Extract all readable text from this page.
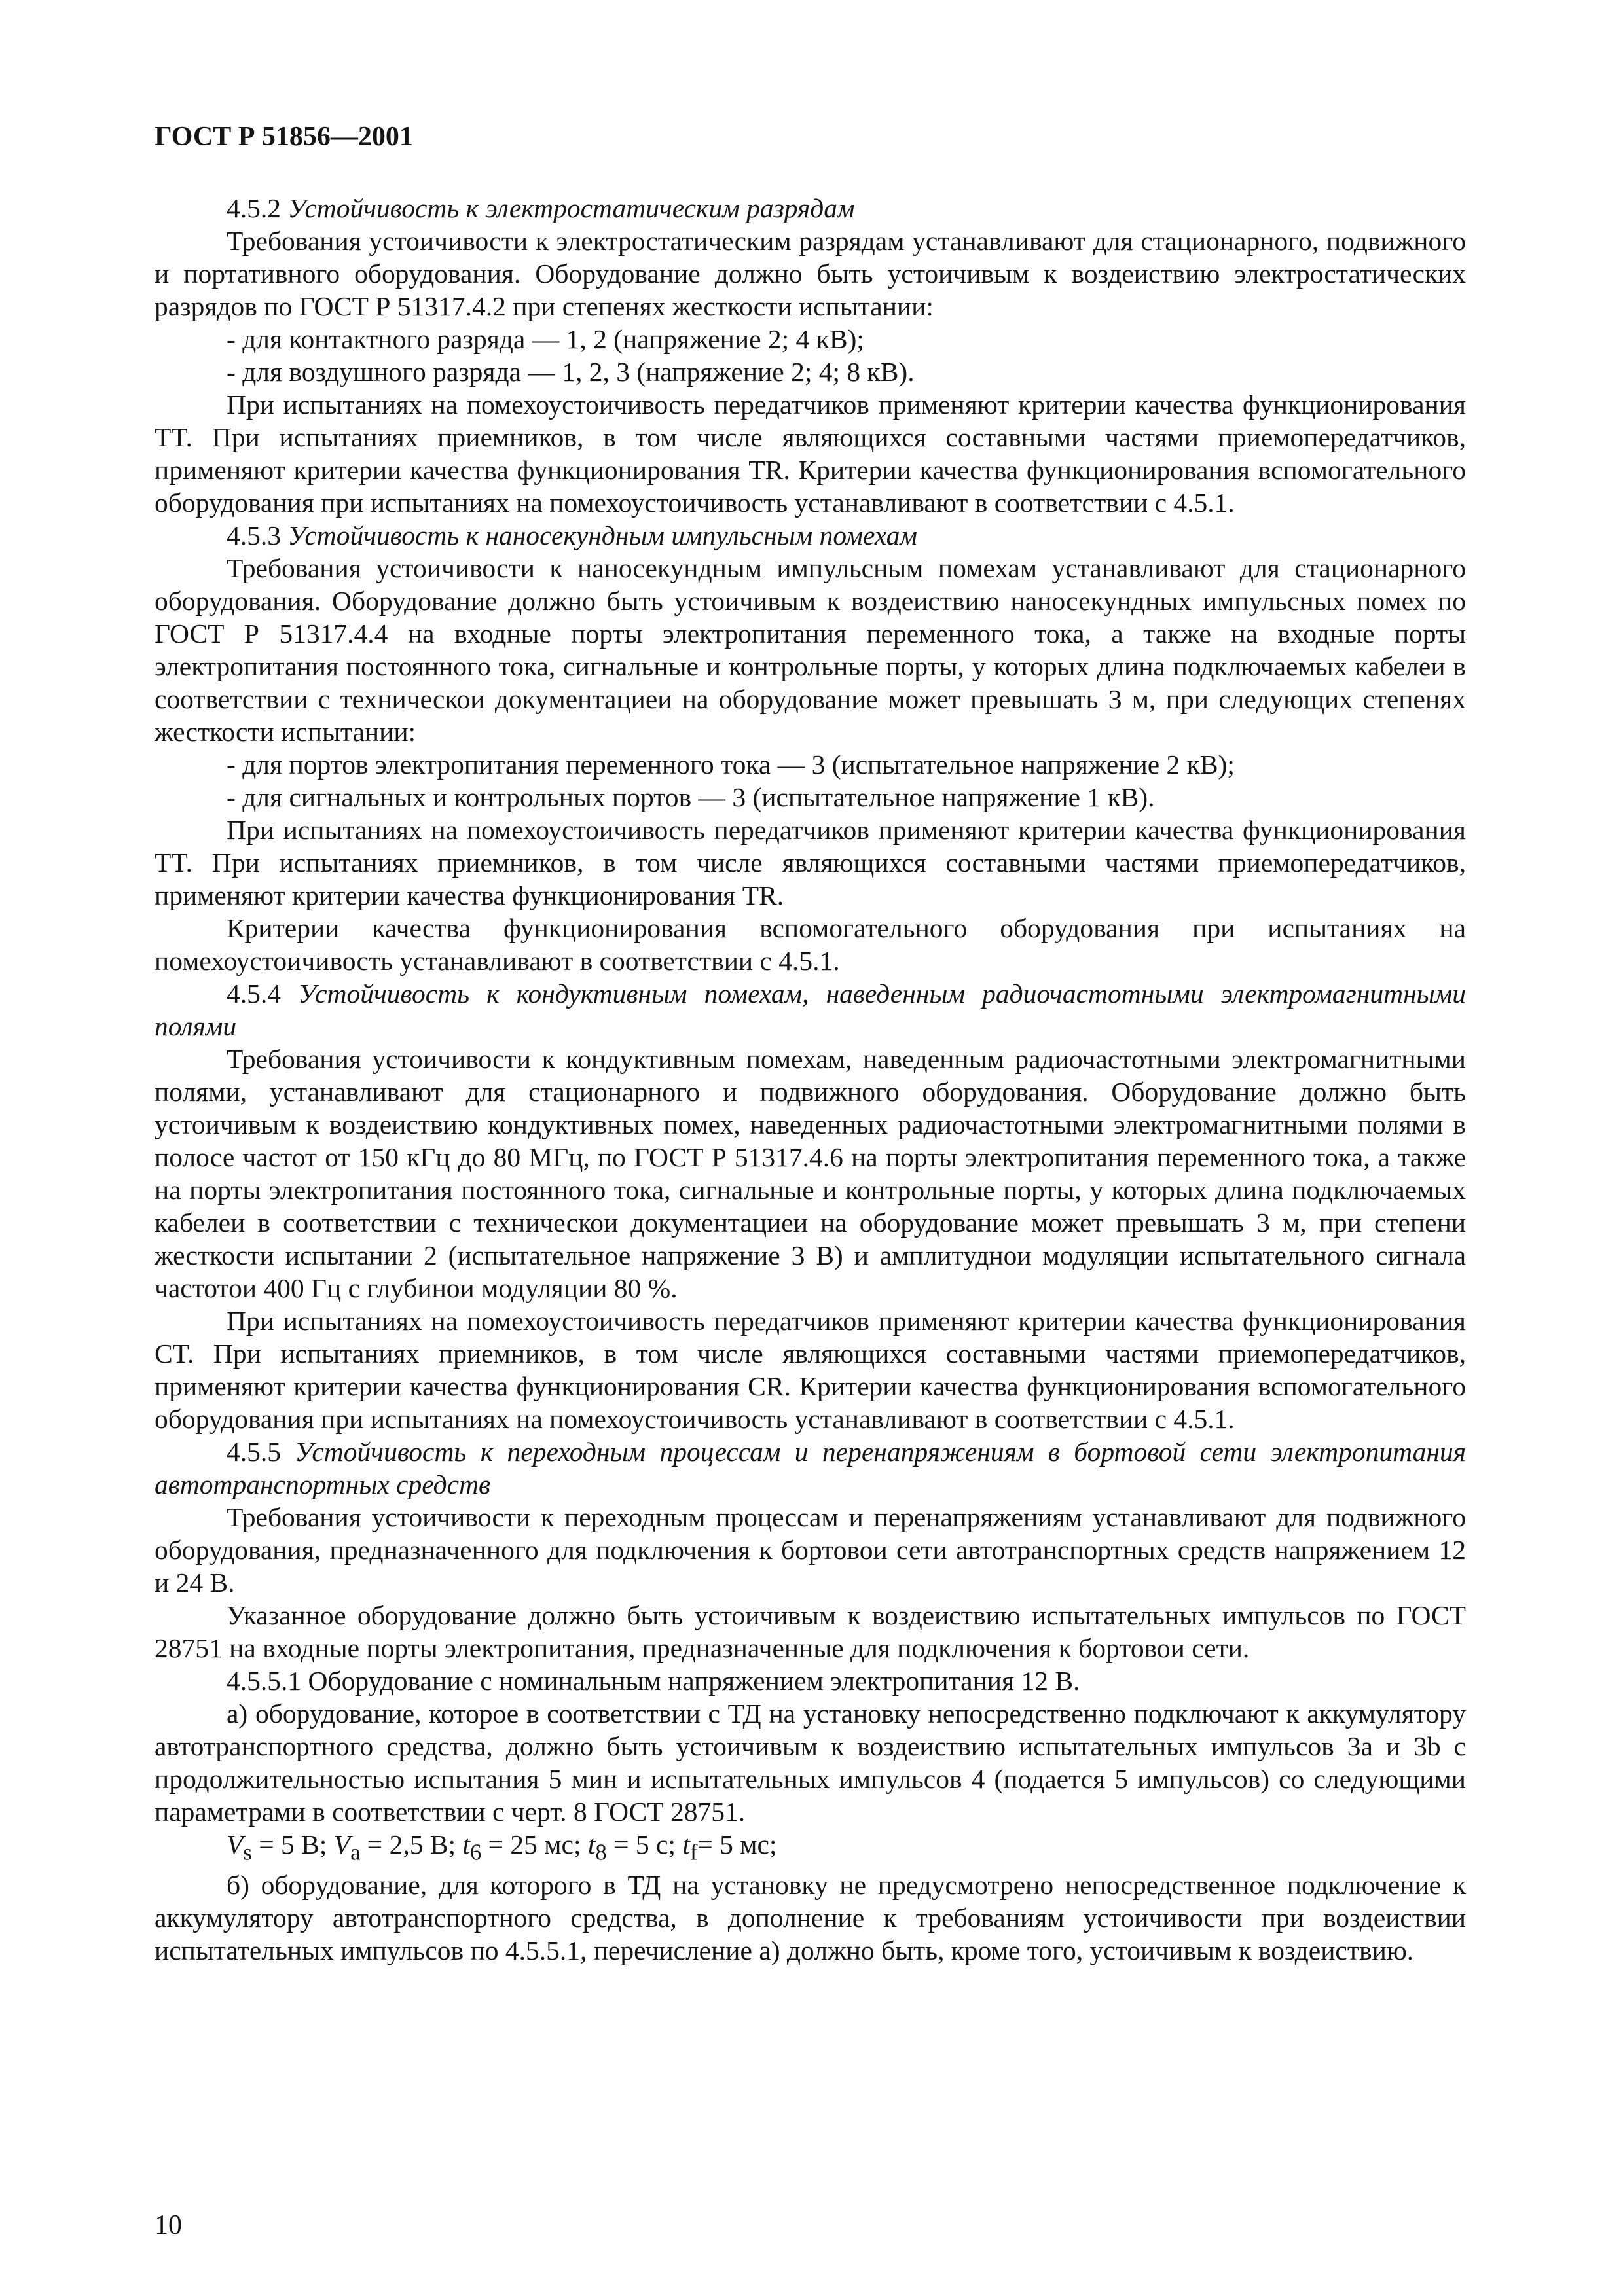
ГОСТ Р 51856—2001

4.5.2 Устойчивость к электростатическим разрядам

Требования устоичивости к электростатическим разрядам устанавливают для стационарного, подвижного и портативного оборудования. Оборудование должно быть устоичивым к воздеиствию электростатических разрядов по ГОСТ Р 51317.4.2 при степенях жесткости испытании:

- для контактного разряда — 1, 2 (напряжение 2; 4 кВ);

- для воздушного разряда — 1, 2, 3 (напряжение 2; 4; 8 кВ).

При испытаниях на помехоустоичивость передатчиков применяют критерии качества функционирования TT. При испытаниях приемников, в том числе являющихся составными частями приемопередатчиков, применяют критерии качества функционирования TR. Критерии качества функционирования вспомогательного оборудования при испытаниях на помехоустоичивость устанавливают в соответствии с 4.5.1.

4.5.3 Устойчивость к наносекундным импульсным помехам

Требования устоичивости к наносекундным импульсным помехам устанавливают для стационарного оборудования. Оборудование должно быть устоичивым к воздеиствию наносекундных импульсных помех по ГОСТ Р 51317.4.4 на входные порты электропитания переменного тока, а также на входные порты электропитания постоянного тока, сигнальные и контрольные порты, у которых длина подключаемых кабелеи в соответствии с техническои документациеи на оборудование может превышать 3 м, при следующих степенях жесткости испытании:

- для портов электропитания переменного тока — 3 (испытательное напряжение 2 кВ);

- для сигнальных и контрольных портов — 3 (испытательное напряжение 1 кВ).

При испытаниях на помехоустоичивость передатчиков применяют критерии качества функционирования TT. При испытаниях приемников, в том числе являющихся составными частями приемопередатчиков, применяют критерии качества функционирования TR.

Критерии качества функционирования вспомогательного оборудования при испытаниях на помехоустоичивость устанавливают в соответствии с 4.5.1.

4.5.4 Устойчивость к кондуктивным помехам, наведенным радиочастотными электромагнитными полями

Требования устоичивости к кондуктивным помехам, наведенным радиочастотными электромагнитными полями, устанавливают для стационарного и подвижного оборудования. Оборудование должно быть устоичивым к воздеиствию кондуктивных помех, наведенных радиочастотными электромагнитными полями в полосе частот от 150 кГц до 80 МГц, по ГОСТ Р 51317.4.6 на порты электропитания переменного тока, а также на порты электропитания постоянного тока, сигнальные и контрольные порты, у которых длина подключаемых кабелеи в соответствии с техническои документациеи на оборудование может превышать 3 м, при степени жесткости испытании 2 (испытательное напряжение 3 В) и амплитуднои модуляции испытательного сигнала частотои 400 Гц с глубинои модуляции 80 %.

При испытаниях на помехоустоичивость передатчиков применяют критерии качества функционирования CT. При испытаниях приемников, в том числе являющихся составными частями приемопередатчиков, применяют критерии качества функционирования CR. Критерии качества функционирования вспомогательного оборудования при испытаниях на помехоустоичивость устанавливают в соответствии с 4.5.1.

4.5.5 Устойчивость к переходным процессам и перенапряжениям в бортовой сети электропитания автотранспортных средств

Требования устоичивости к переходным процессам и перенапряжениям устанавливают для подвижного оборудования, предназначенного для подключения к бортовои сети автотранспортных средств напряжением 12 и 24 В.

Указанное оборудование должно быть устоичивым к воздеиствию испытательных импульсов по ГОСТ 28751 на входные порты электропитания, предназначенные для подключения к бортовои сети.

4.5.5.1 Оборудование с номинальным напряжением электропитания 12 В.

а) оборудование, которое в соответствии с ТД на установку непосредственно подключают к аккумулятору автотранспортного средства, должно быть устоичивым к воздеиствию испытательных импульсов 3а и 3b с продолжительностью испытания 5 мин и испытательных импульсов 4 (подается 5 импульсов) со следующими параметрами в соответствии с черт. 8 ГОСТ 28751.

$V_s = 5$ В; $V_a = 2,5$ В; $t_6 = 25$ мс; $t_8 = 5$ с; $t_f= 5$ мс;

б) оборудование, для которого в ТД на установку не предусмотрено непосредственное подключение к аккумулятору автотранспортного средства, в дополнение к требованиям устоичивости при воздеиствии испытательных импульсов по 4.5.5.1, перечисление а) должно быть, кроме того, устоичивым к воздеиствию.

10
